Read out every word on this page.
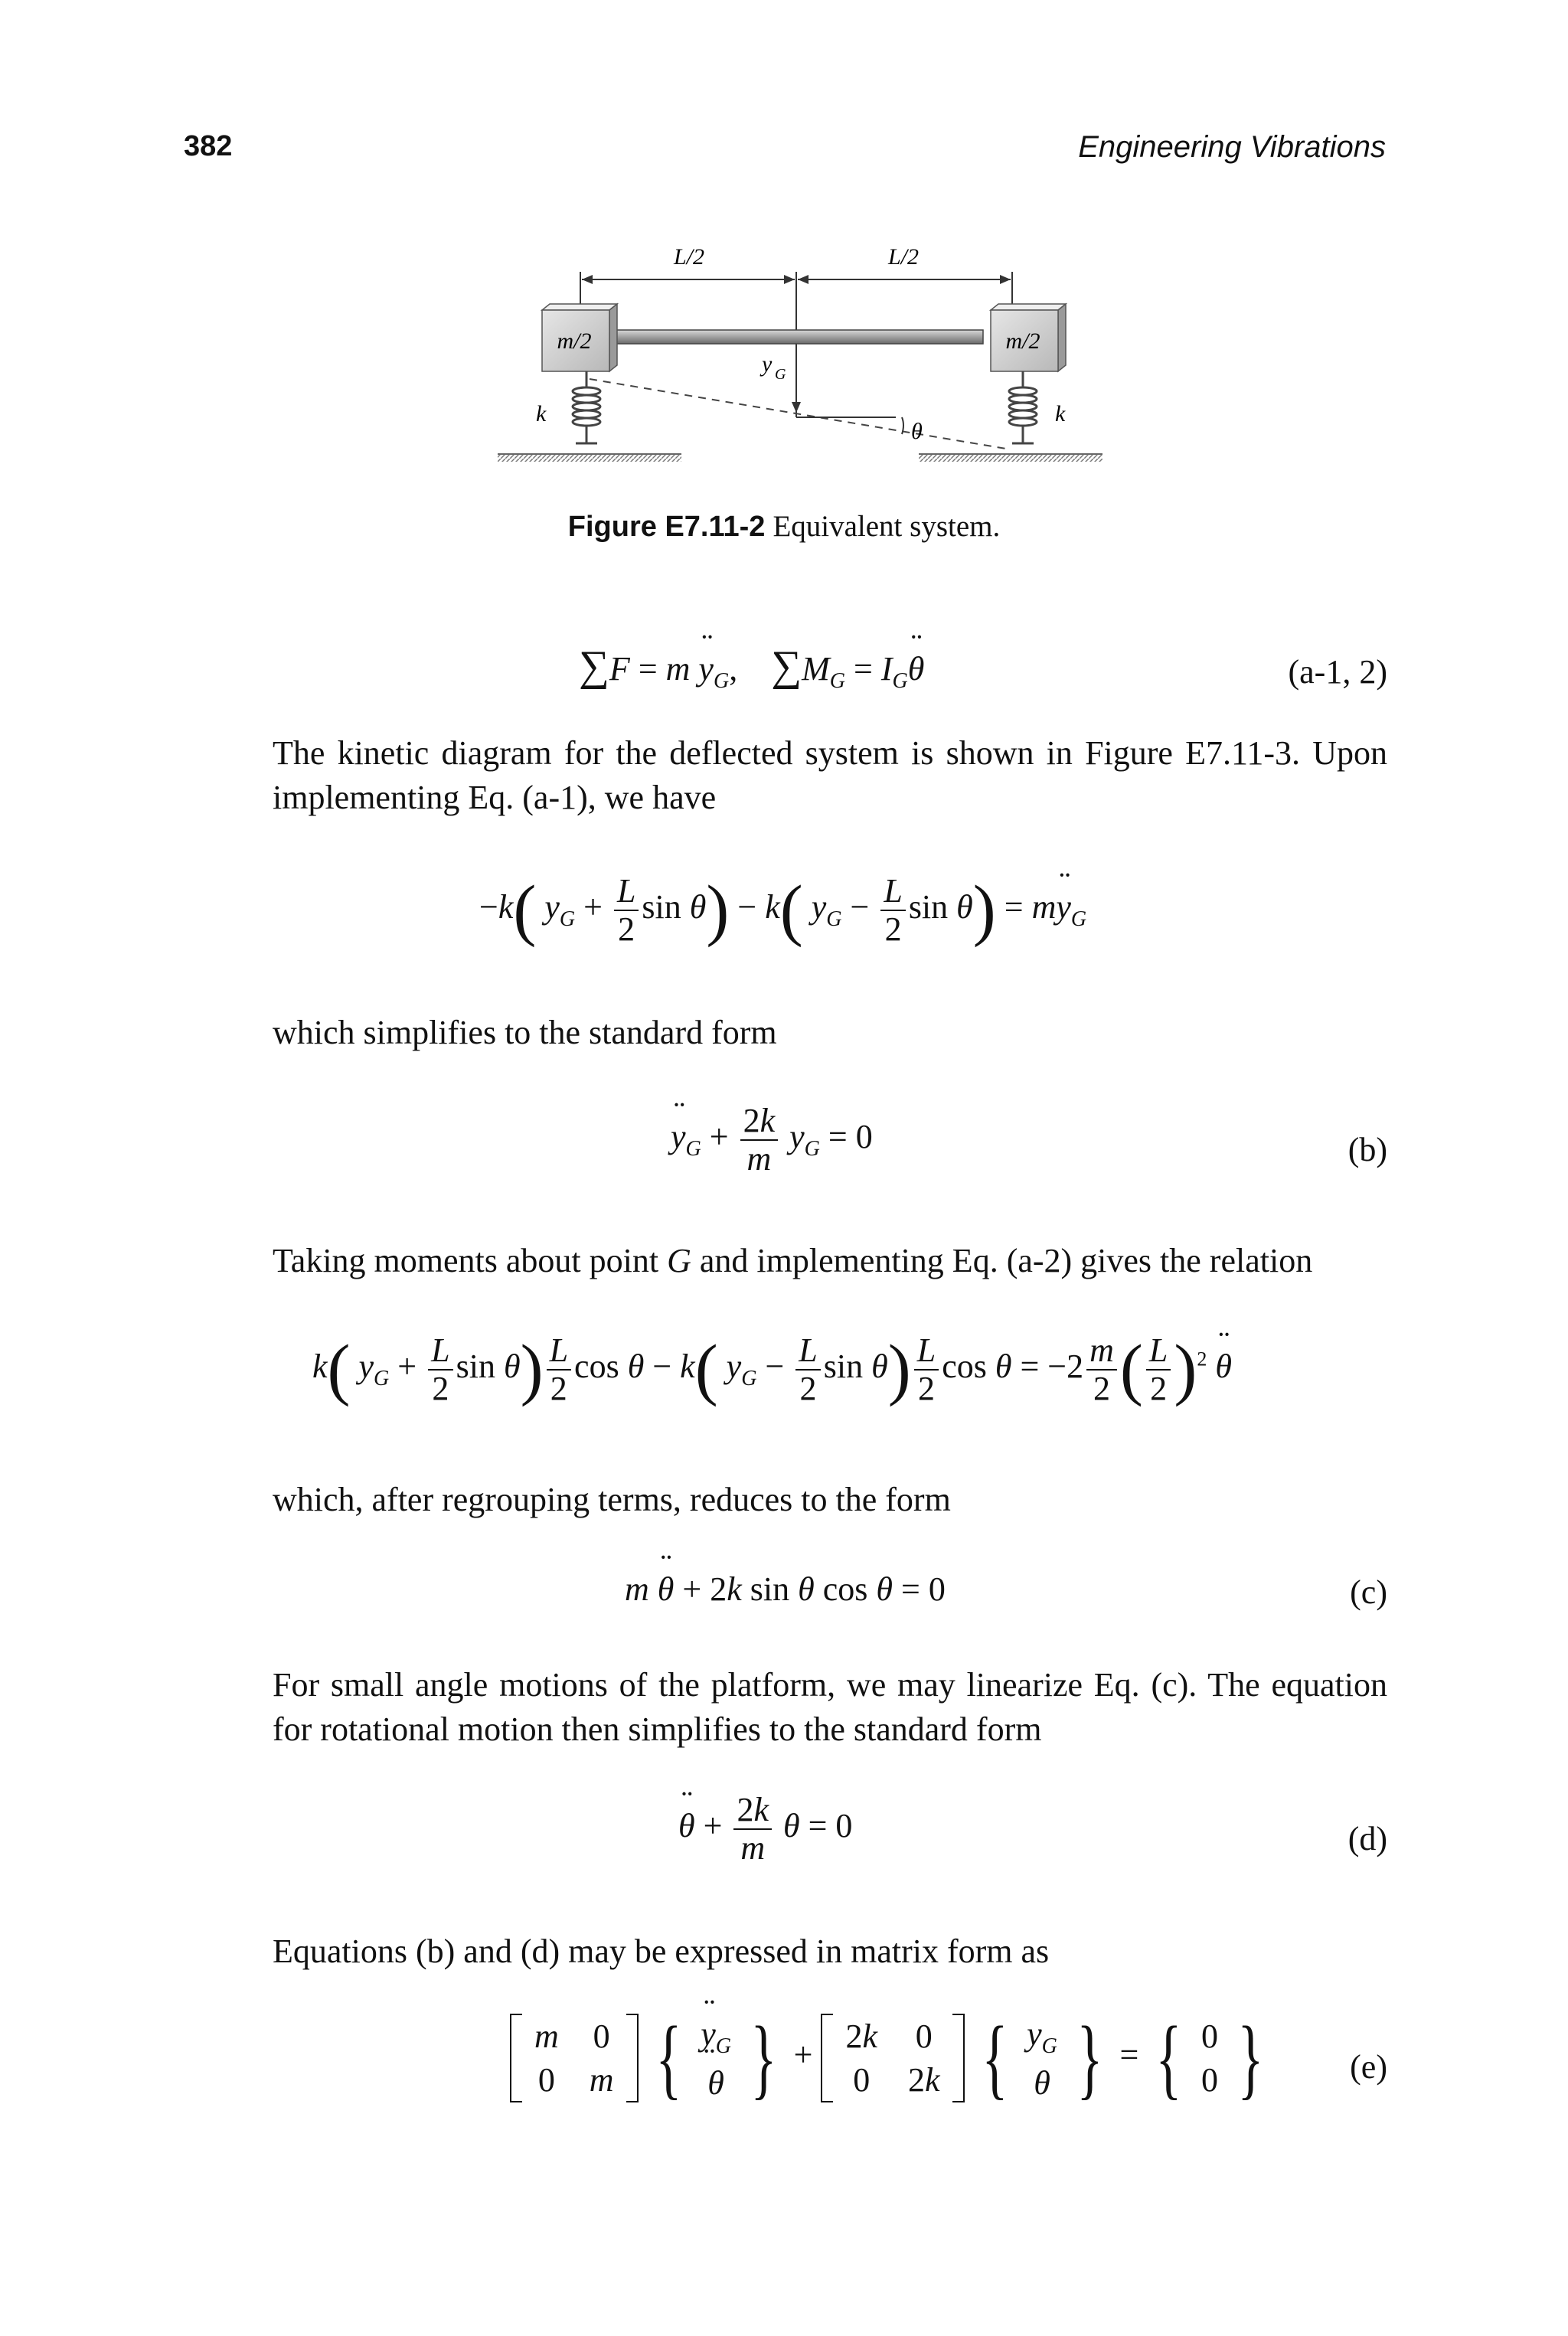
382	Engineering Vibrations
L/2	L/2
m/2	m/2
k	k
y G
θ
Figure E7.11-2 Equivalent system.
∑F = m ¨ $y_G$,    $\sum M_G$ = $I_G¨$ θ	(a-1, 2)

The kinetic diagram for the deflected system is shown in Figure E7.11-3. Upon implementing Eq. (a-1), we have

−k( $y_G + \frac{L}{2}$ sin θ) − k( $y_G - \frac{L}{2}$ sin θ) = m¨ $y_G$

which simplifies to the standard form

¨ $y_G + \frac{2k}{m} y_G = 0$	(b)

Taking moments about point G and implementing Eq. (a-2) gives the relation

k( $y_G + \frac{L}{2}$ $\sin \theta) \frac{L}{2}$ cos θ − k( $y_G - \frac{L}{2}$ $\sin \theta) \frac{L}{2}$ $\cos \theta = -2 \frac{m}{2}$ ( $\frac{L}{2} )^2$ ¨ θ

which, after regrouping terms, reduces to the form

m ¨ θ + 2k sin θ cos θ = 0	(c)

For small angle motions of the platform, we may linearize Eq. (c). The equation for rotational motion then simplifies to the standard form

¨ $\theta + \frac{2k}{m}$ θ = 0	(d)

Equations (b) and (d) may be expressed in matrix form as

m 0
0 m { ¨ $y_G$
¨ θ } + 2k 0
0 2k { $y_G$
θ } = { 0
0 }	(e)
